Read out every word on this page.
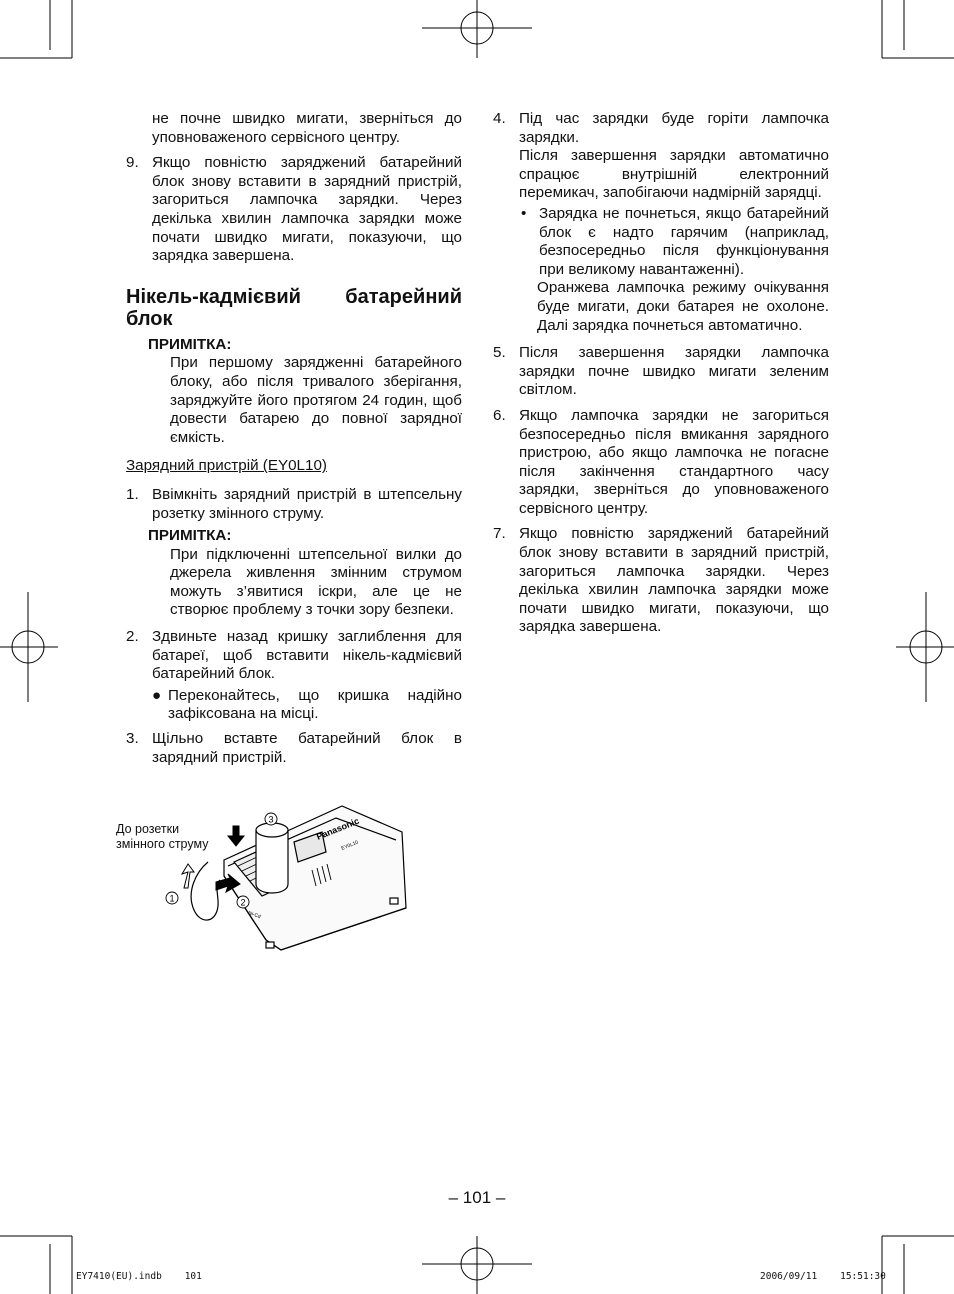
не почне швидко мигати, зверніться до уповноваженого сервісного центру.

9. Якщо повністю заряджений батарейний блок знову вставити в зарядний пристрій, загориться лампочка зарядки. Через декілька хвилин лампочка зарядки може почати швидко мигати, показуючи, що зарядка завершена.
Нікель-кадмієвий батарейний блок
ПРИМІТКА:

При першому зарядженні батарейного блоку, або після тривалого зберігання, заряджуйте його протягом 24 годин, щоб довести батарею до повної зарядної ємкість.

Зарядний пристрій (EY0L10)

1. Ввімкніть зарядний пристрій в штепсельну розетку змінного струму.
ПРИМІТКА:

При підключенні штепсельної вилки до джерела живлення змінним струмом можуть з’явитися іскри, але це не створює проблему з точки зору безпеки.

2. Здвиньте назад кришку заглиблення для батареї, щоб вставити нікель-кадмієвий батарейний блок.
● Переконайтесь, що кришка надійно зафіксована на місці.
3. Щільно вставте батарейний блок в зарядний пристрій.
До розетки змінного струму
1	2
3	Panasonic
EY0L10
Ni-Cd
4. Під час зарядки буде горіти лампочка зарядки.

Після завершення зарядки автоматично спрацює внутрішній електронний перемикач, запобігаючи надмірній зарядці.

• Зарядка не почнеться, якщо батарейний блок є надто гарячим (наприклад, безпосередньо після функціонування при великому навантаженні).

Оранжева лампочка режиму очікування буде мигати, доки батарея не охолоне. Далі зарядка почнеться автоматично.

5. Після завершення зарядки лампочка зарядки почне швидко мигати зеленим світлом.
6. Якщо лампочка зарядки не загориться безпосередньо після вмикання зарядного пристрою, або якщо лампочка не погасне після закінчення стандартного часу зарядки, зверніться до уповноваженого сервісного центру.
7. Якщо повністю заряджений батарейний блок знову вставити в зарядний пристрій, загориться лампочка зарядки. Через декілька хвилин лампочка зарядки може почати швидко мигати, показуючи, що зарядка завершена.
– 101 –
EY7410(EU).indb 101	2006/09/11 15:51:30
